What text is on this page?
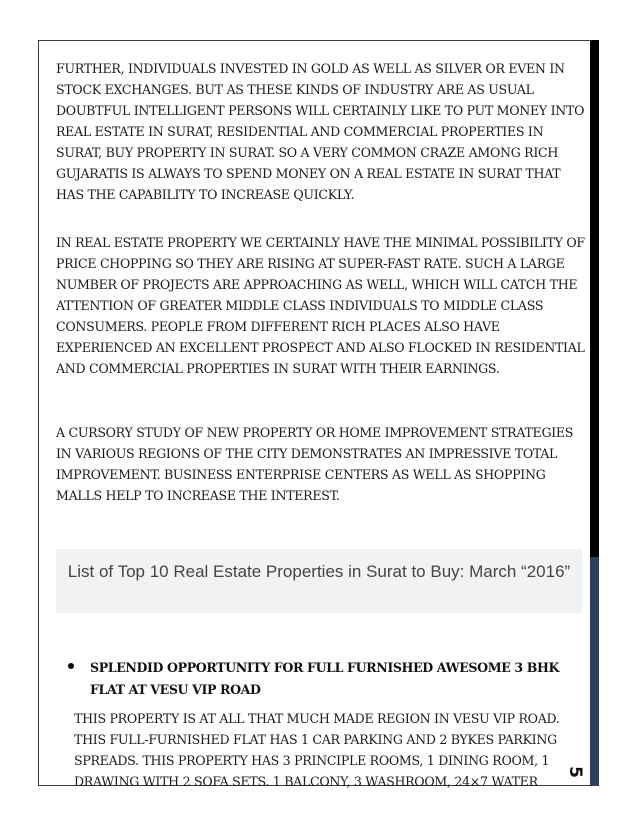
FURTHER, INDIVIDUALS INVESTED IN GOLD AS WELL AS SILVER OR EVEN IN STOCK EXCHANGES. BUT AS THESE KINDS OF INDUSTRY ARE AS USUAL DOUBTFUL INTELLIGENT PERSONS WILL CERTAINLY LIKE TO PUT MONEY INTO REAL ESTATE IN SURAT, RESIDENTIAL AND COMMERCIAL PROPERTIES IN SURAT, BUY PROPERTY IN SURAT. SO A VERY COMMON CRAZE AMONG RICH GUJARATIS IS ALWAYS TO SPEND MONEY ON A REAL ESTATE IN SURAT THAT HAS THE CAPABILITY TO INCREASE QUICKLY.

IN REAL ESTATE PROPERTY WE CERTAINLY HAVE THE MINIMAL POSSIBILITY OF PRICE CHOPPING SO THEY ARE RISING AT SUPER-FAST RATE. SUCH A LARGE NUMBER OF PROJECTS ARE APPROACHING AS WELL, WHICH WILL CATCH THE ATTENTION OF GREATER MIDDLE CLASS INDIVIDUALS TO MIDDLE CLASS CONSUMERS. PEOPLE FROM DIFFERENT RICH PLACES ALSO HAVE EXPERIENCED AN EXCELLENT PROSPECT AND ALSO FLOCKED IN RESIDENTIAL AND COMMERCIAL PROPERTIES IN SURAT WITH THEIR EARNINGS.

A CURSORY STUDY OF NEW PROPERTY OR HOME IMPROVEMENT STRATEGIES IN VARIOUS REGIONS OF THE CITY DEMONSTRATES AN IMPRESSIVE TOTAL IMPROVEMENT. BUSINESS ENTERPRISE CENTERS AS WELL AS SHOPPING MALLS HELP TO INCREASE THE INTEREST.

List of Top 10 Real Estate Properties in Surat to Buy: March “2016”

SPLENDID OPPORTUNITY FOR FULL FURNISHED AWESOME 3 BHK FLAT AT VESU VIP ROAD

THIS PROPERTY IS AT ALL THAT MUCH MADE REGION IN VESU VIP ROAD. THIS FULL-FURNISHED FLAT HAS 1 CAR PARKING AND 2 BYKES PARKING SPREADS. THIS PROPERTY HAS 3 PRINCIPLE ROOMS, 1 DINING ROOM, 1 DRAWING WITH 2 SOFA SETS. 1 BALCONY, 3 WASHROOM, 24×7 WATER

5
